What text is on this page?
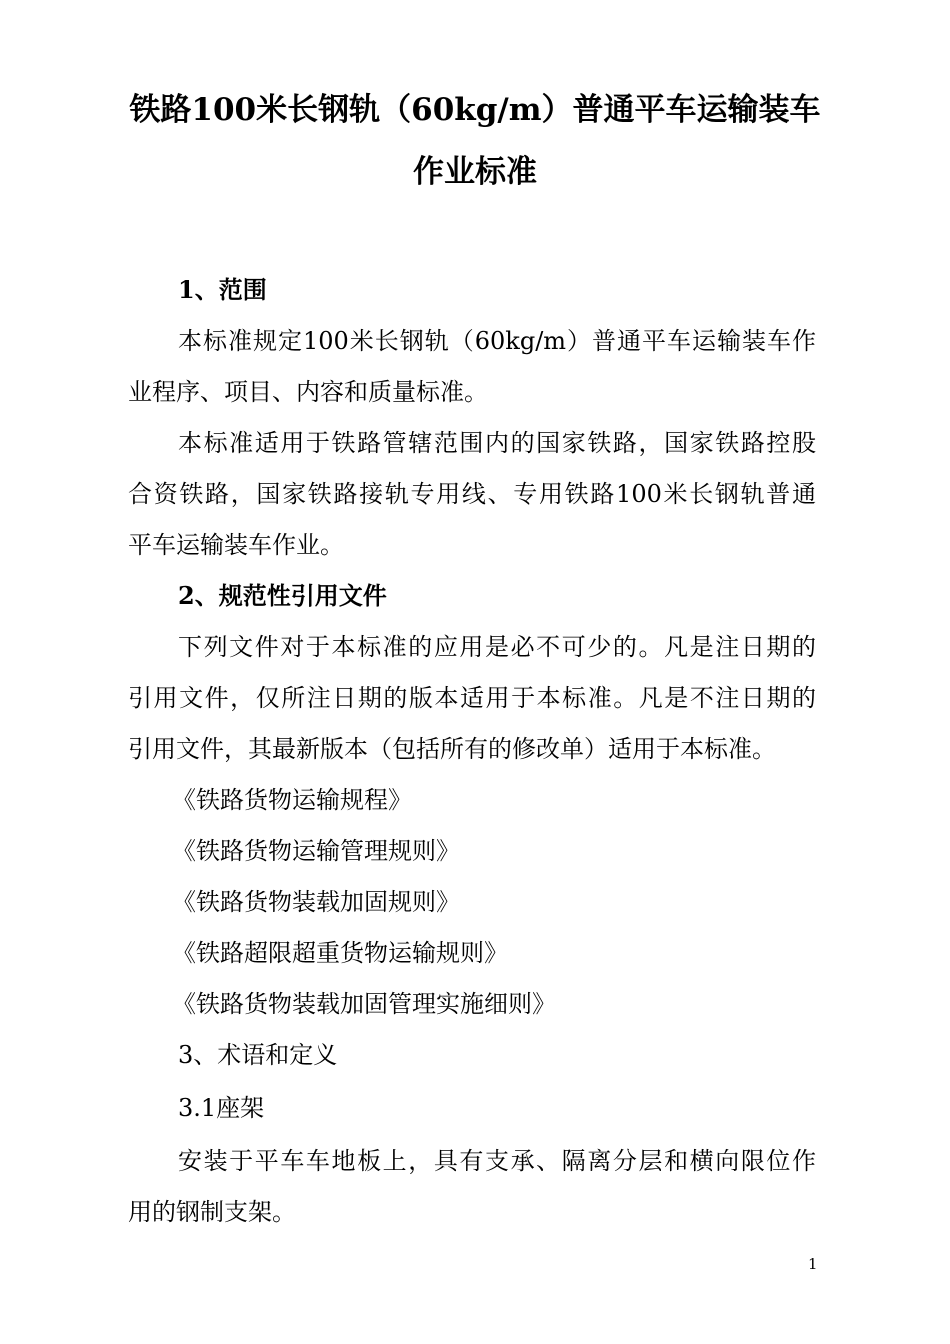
铁路100米长钢轨（60kg/m）普通平车运输装车
作业标准
1、范围
本标准规定100米长钢轨（60kg/m）普通平车运输装车作
业程序、项目、内容和质量标准。
本标准适用于铁路管辖范围内的国家铁路，国家铁路控股
合资铁路，国家铁路接轨专用线、专用铁路100米长钢轨普通
平车运输装车作业。
2、规范性引用文件
下列文件对于本标准的应用是必不可少的。凡是注日期的
引用文件，仅所注日期的版本适用于本标准。凡是不注日期的
引用文件，其最新版本（包括所有的修改单）适用于本标准。
《铁路货物运输规程》
《铁路货物运输管理规则》
《铁路货物装载加固规则》
《铁路超限超重货物运输规则》
《铁路货物装载加固管理实施细则》
3、术语和定义
3.1座架
安装于平车车地板上，具有支承、隔离分层和横向限位作
用的钢制支架。
1
